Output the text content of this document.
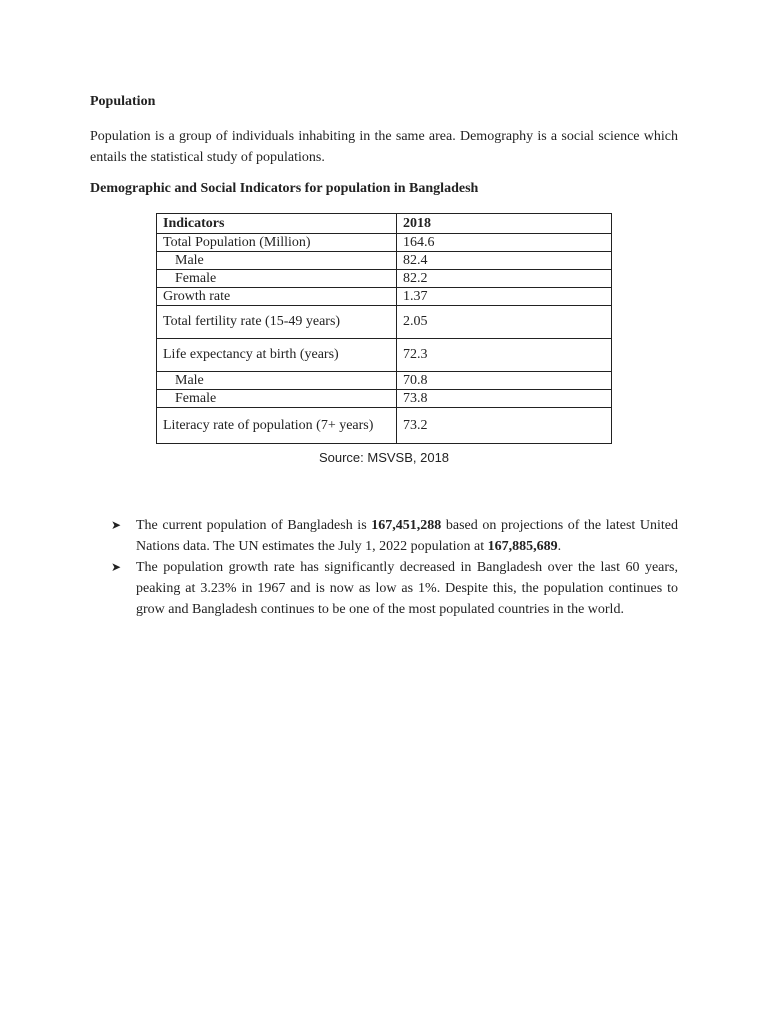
Population
Population is a group of individuals inhabiting in the same area. Demography is a social science which entails the statistical study of populations.
Demographic and Social Indicators for population in Bangladesh
Indicators	2018
Total Population (Million)	164.6
Male	82.4
Female	82.2
Growth rate	1.37
Total fertility rate (15-49 years)	2.05
Life expectancy at birth (years)	72.3
Male	70.8
Female	73.8
Literacy rate of population (7+ years)	73.2
Source: MSVSB, 2018
➤ The current population of Bangladesh is 167,451,288 based on projections of the latest United Nations data. The UN estimates the July 1, 2022 population at 167,885,689.
➤ The population growth rate has significantly decreased in Bangladesh over the last 60 years, peaking at 3.23% in 1967 and is now as low as 1%. Despite this, the population continues to grow and Bangladesh continues to be one of the most populated countries in the world.
